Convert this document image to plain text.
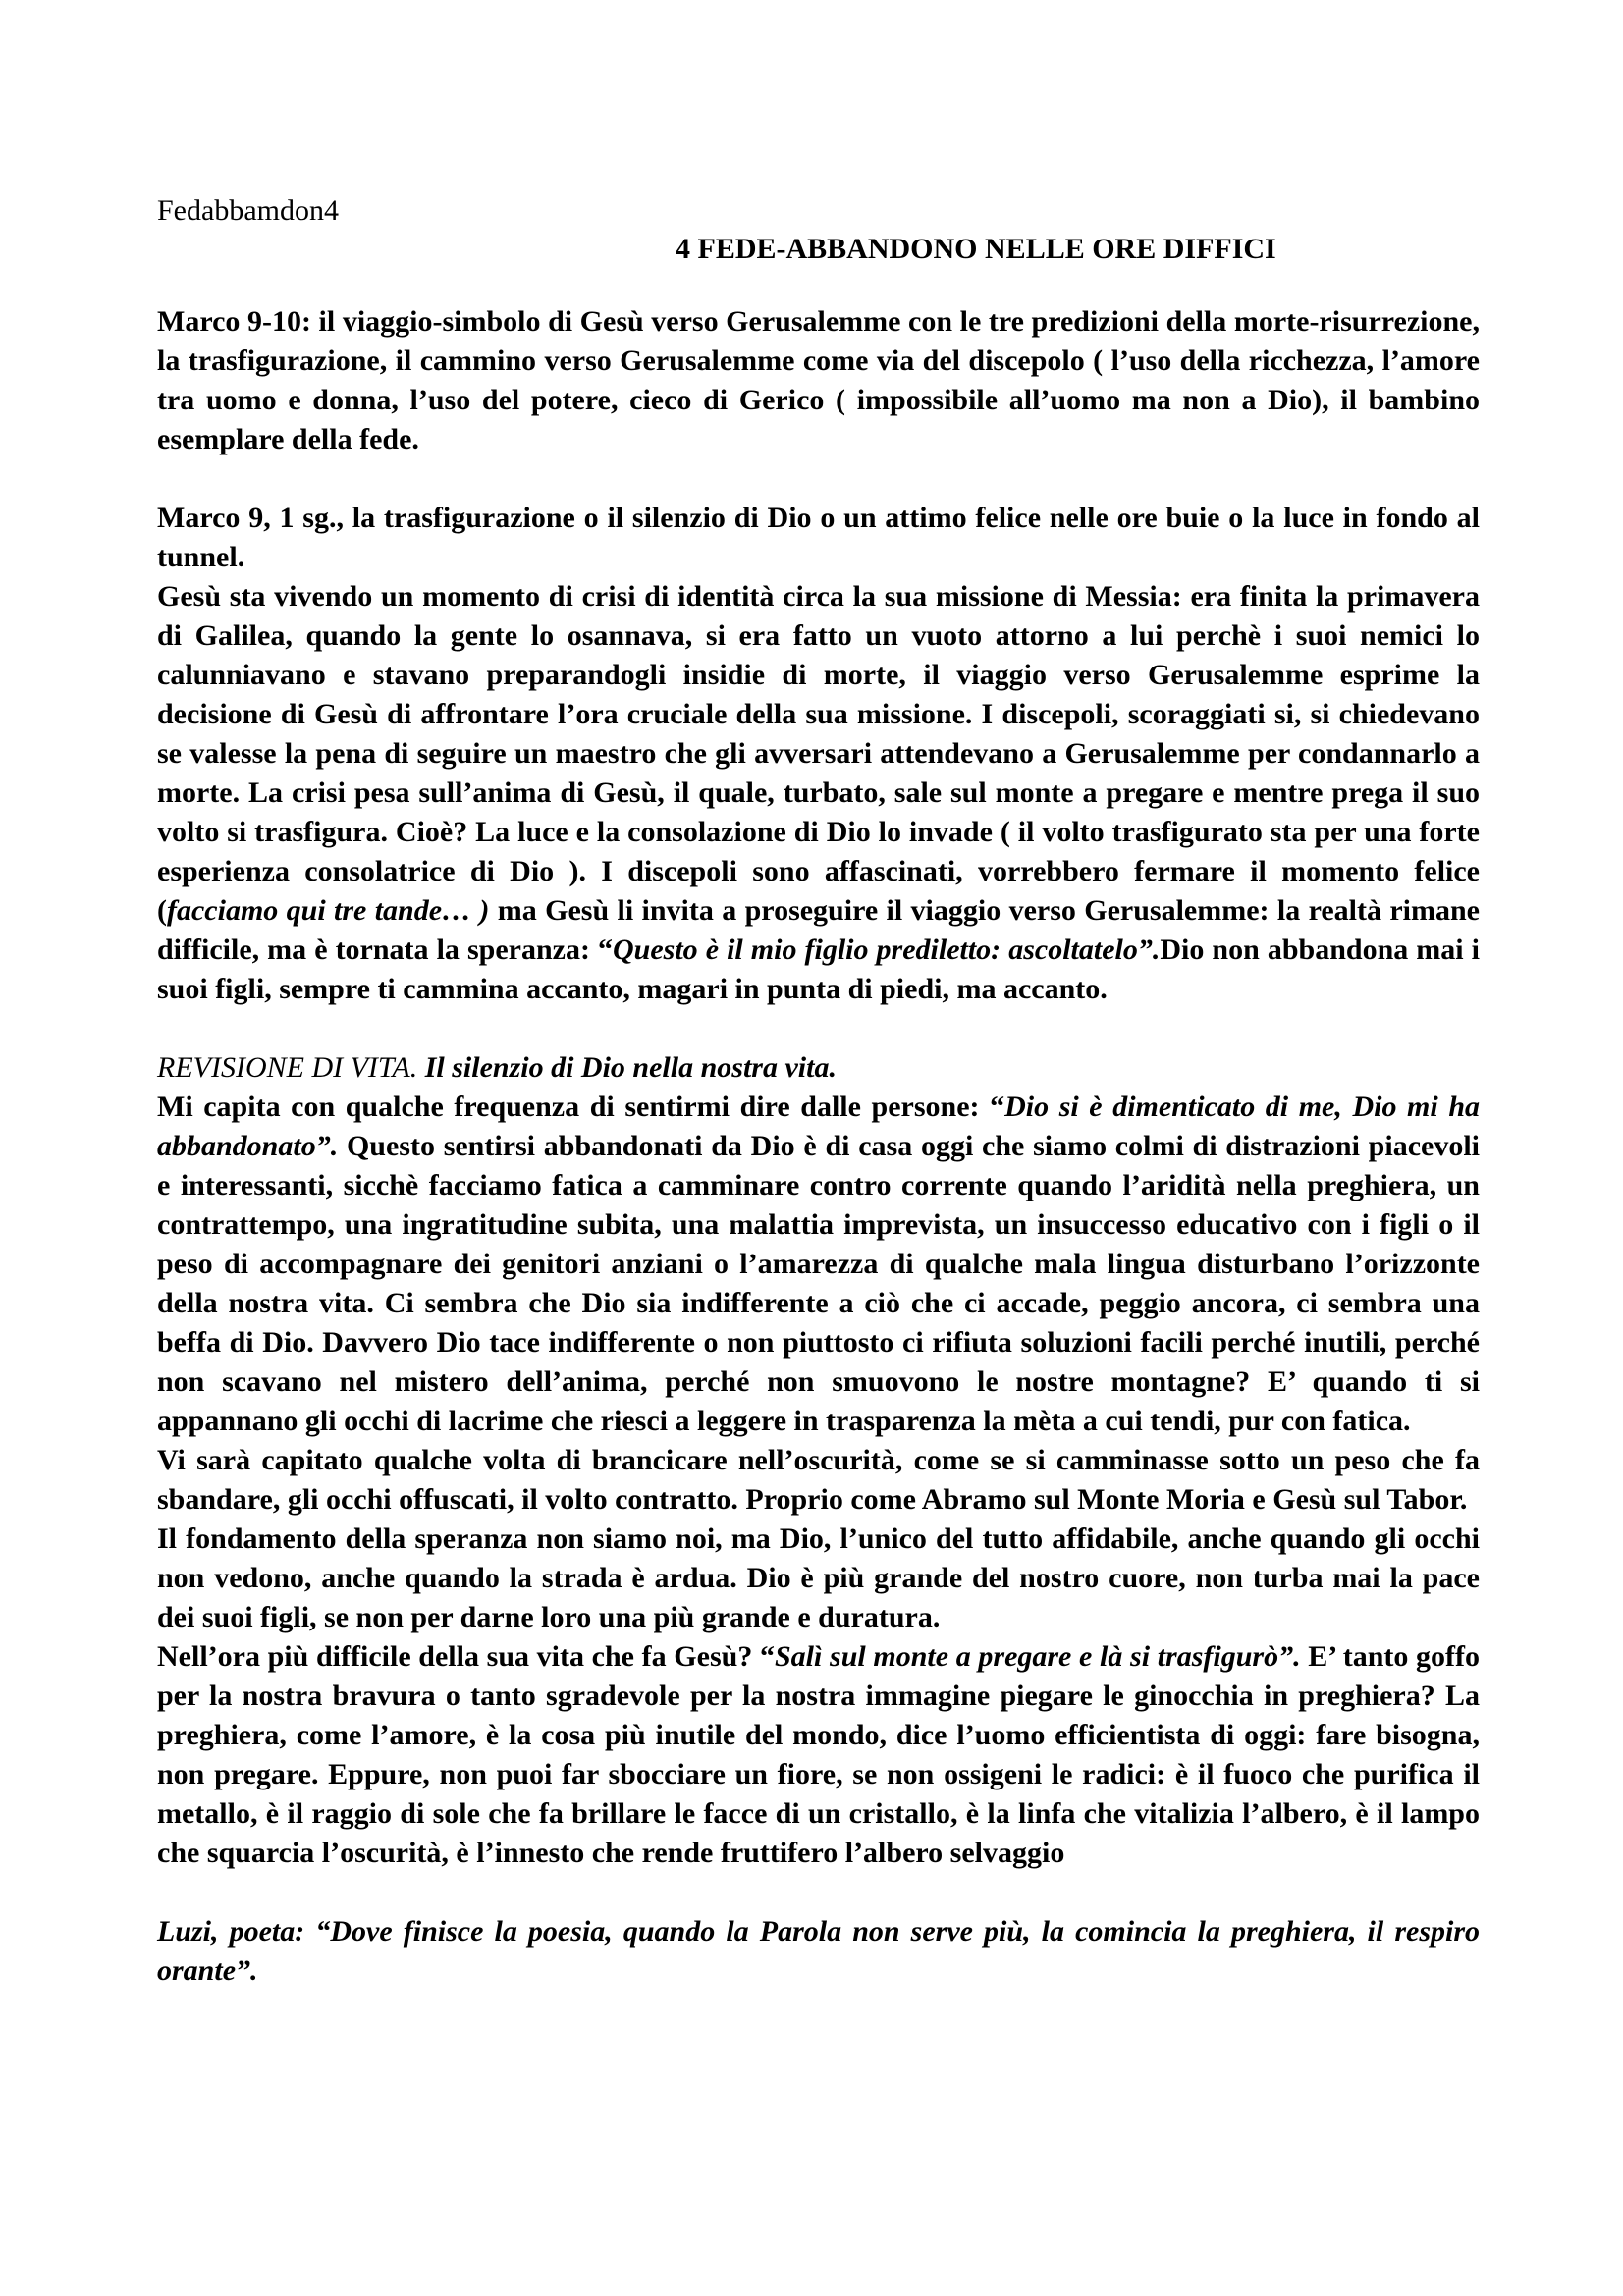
Fedabbamdon4
4 FEDE-ABBANDONO NELLE ORE DIFFICI

Marco 9-10: il viaggio-simbolo di Gesù verso Gerusalemme con le tre predizioni della morte-risurrezione, la trasfigurazione, il cammino verso Gerusalemme come via del discepolo ( l’uso della ricchezza, l’amore tra uomo e donna, l’uso del potere, cieco di Gerico ( impossibile all’uomo ma non a Dio), il bambino esemplare della fede.

Marco 9, 1 sg., la trasfigurazione o il silenzio di Dio o un attimo felice nelle ore buie o la luce in fondo al tunnel.

Gesù sta vivendo un momento di crisi di identità circa la sua missione di Messia: era finita la primavera di Galilea, quando la gente lo osannava, si era fatto un vuoto attorno a lui perchè i suoi nemici lo calunniavano e stavano preparandogli insidie di morte, il viaggio verso Gerusalemme esprime la decisione di Gesù di affrontare l’ora cruciale della sua missione. I discepoli, scoraggiati si, si chiedevano se valesse la pena di seguire un maestro che gli avversari attendevano a Gerusalemme per condannarlo a morte. La crisi pesa sull’anima di Gesù, il quale, turbato, sale sul monte a pregare e mentre prega il suo volto si trasfigura. Cioè? La luce e la consolazione di Dio lo invade ( il volto trasfigurato sta per una forte esperienza consolatrice di Dio ). I discepoli sono affascinati, vorrebbero fermare il momento felice (facciamo qui tre tande… ) ma Gesù li invita a proseguire il viaggio verso Gerusalemme: la realtà rimane difficile, ma è tornata la speranza: “Questo è il mio figlio prediletto: ascoltatelo”.Dio non abbandona mai i suoi figli, sempre ti cammina accanto, magari in punta di piedi, ma accanto.

REVISIONE DI VITA. Il silenzio di Dio nella nostra vita.

Mi capita con qualche frequenza di sentirmi dire dalle persone: “Dio si è dimenticato di me, Dio mi ha abbandonato”. Questo sentirsi abbandonati da Dio è di casa oggi che siamo colmi di distrazioni piacevoli e interessanti, sicchè facciamo fatica a camminare contro corrente quando l’aridità nella preghiera, un contrattempo, una ingratitudine subita, una malattia imprevista, un insuccesso educativo con i figli o il peso di accompagnare dei genitori anziani o l’amarezza di qualche mala lingua disturbano l’orizzonte della nostra vita. Ci sembra che Dio sia indifferente a ciò che ci accade, peggio ancora, ci sembra una beffa di Dio. Davvero Dio tace indifferente o non piuttosto ci rifiuta soluzioni facili perché inutili, perché non scavano nel mistero dell’anima, perché non smuovono le nostre montagne? E’ quando ti si appannano gli occhi di lacrime che riesci a leggere in trasparenza la mèta a cui tendi, pur con fatica.

Vi sarà capitato qualche volta di brancicare nell’oscurità, come se si camminasse sotto un peso che fa sbandare, gli occhi offuscati, il volto contratto. Proprio come Abramo sul Monte Moria e Gesù sul Tabor.

Il fondamento della speranza non siamo noi, ma Dio, l’unico del tutto affidabile, anche quando gli occhi non vedono, anche quando la strada è ardua. Dio è più grande del nostro cuore, non turba mai la pace dei suoi figli, se non per darne loro una più grande e duratura.

Nell’ora più difficile della sua vita che fa Gesù? “Salì sul monte a pregare e là si trasfigurò”. E’ tanto goffo per la nostra bravura o tanto sgradevole per la nostra immagine piegare le ginocchia in preghiera? La preghiera, come l’amore, è la cosa più inutile del mondo, dice l’uomo efficientista di oggi: fare bisogna, non pregare. Eppure, non puoi far sbocciare un fiore, se non ossigeni le radici: è il fuoco che purifica il metallo, è il raggio di sole che fa brillare le facce di un cristallo, è la linfa che vitalizia l’albero, è il lampo che squarcia l’oscurità, è l’innesto che rende fruttifero l’albero selvaggio

Luzi, poeta: “Dove finisce la poesia, quando la Parola non serve più, la comincia la preghiera, il respiro orante”.
